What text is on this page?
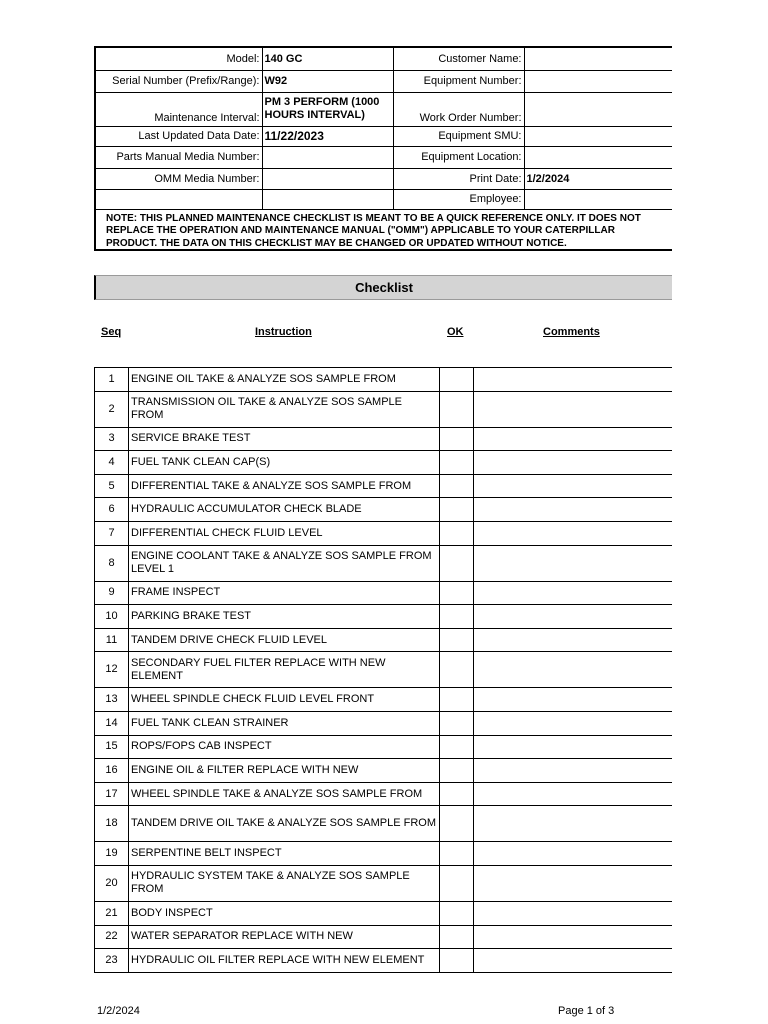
Model:	140 GC	Customer Name:	
Serial Number (Prefix/Range):	W92	Equipment Number:	
Maintenance Interval:	PM 3 PERFORM (1000 HOURS INTERVAL)	Work Order Number:	
Last Updated Data Date:	11/22/2023	Equipment SMU:	
Parts Manual Media Number:		Equipment Location:	
OMM Media Number:		Print Date:	1/2/2024
		Employee:	

NOTE: THIS PLANNED MAINTENANCE CHECKLIST IS MEANT TO BE A QUICK REFERENCE ONLY. IT DOES NOT REPLACE THE OPERATION AND MAINTENANCE MANUAL ("OMM") APPLICABLE TO YOUR CATERPILLAR PRODUCT. THE DATA ON THIS CHECKLIST MAY BE CHANGED OR UPDATED WITHOUT NOTICE.			
Checklist
Seq	Instruction	OK	Comments
1	ENGINE OIL TAKE & ANALYZE SOS SAMPLE FROM		
2	TRANSMISSION OIL TAKE & ANALYZE SOS SAMPLE FROM		
3	SERVICE BRAKE TEST		
4	FUEL TANK CLEAN CAP(S)		
5	DIFFERENTIAL TAKE & ANALYZE SOS SAMPLE FROM		
6	HYDRAULIC ACCUMULATOR CHECK BLADE		
7	DIFFERENTIAL CHECK FLUID LEVEL		
8	ENGINE COOLANT TAKE & ANALYZE SOS SAMPLE FROM LEVEL 1		
9	FRAME INSPECT		
10	PARKING BRAKE TEST		
11	TANDEM DRIVE CHECK FLUID LEVEL		
12	SECONDARY FUEL FILTER REPLACE WITH NEW ELEMENT		
13	WHEEL SPINDLE CHECK FLUID LEVEL FRONT		
14	FUEL TANK CLEAN STRAINER		
15	ROPS/FOPS CAB INSPECT		
16	ENGINE OIL & FILTER REPLACE WITH NEW		
17	WHEEL SPINDLE TAKE & ANALYZE SOS SAMPLE FROM		
18	TANDEM DRIVE OIL TAKE & ANALYZE SOS SAMPLE FROM		
19	SERPENTINE BELT INSPECT		
20	HYDRAULIC SYSTEM TAKE & ANALYZE SOS SAMPLE FROM		
21	BODY INSPECT		
22	WATER SEPARATOR REPLACE WITH NEW		
23	HYDRAULIC OIL FILTER REPLACE WITH NEW ELEMENT		
1/2/2024	Page 1 of 3
